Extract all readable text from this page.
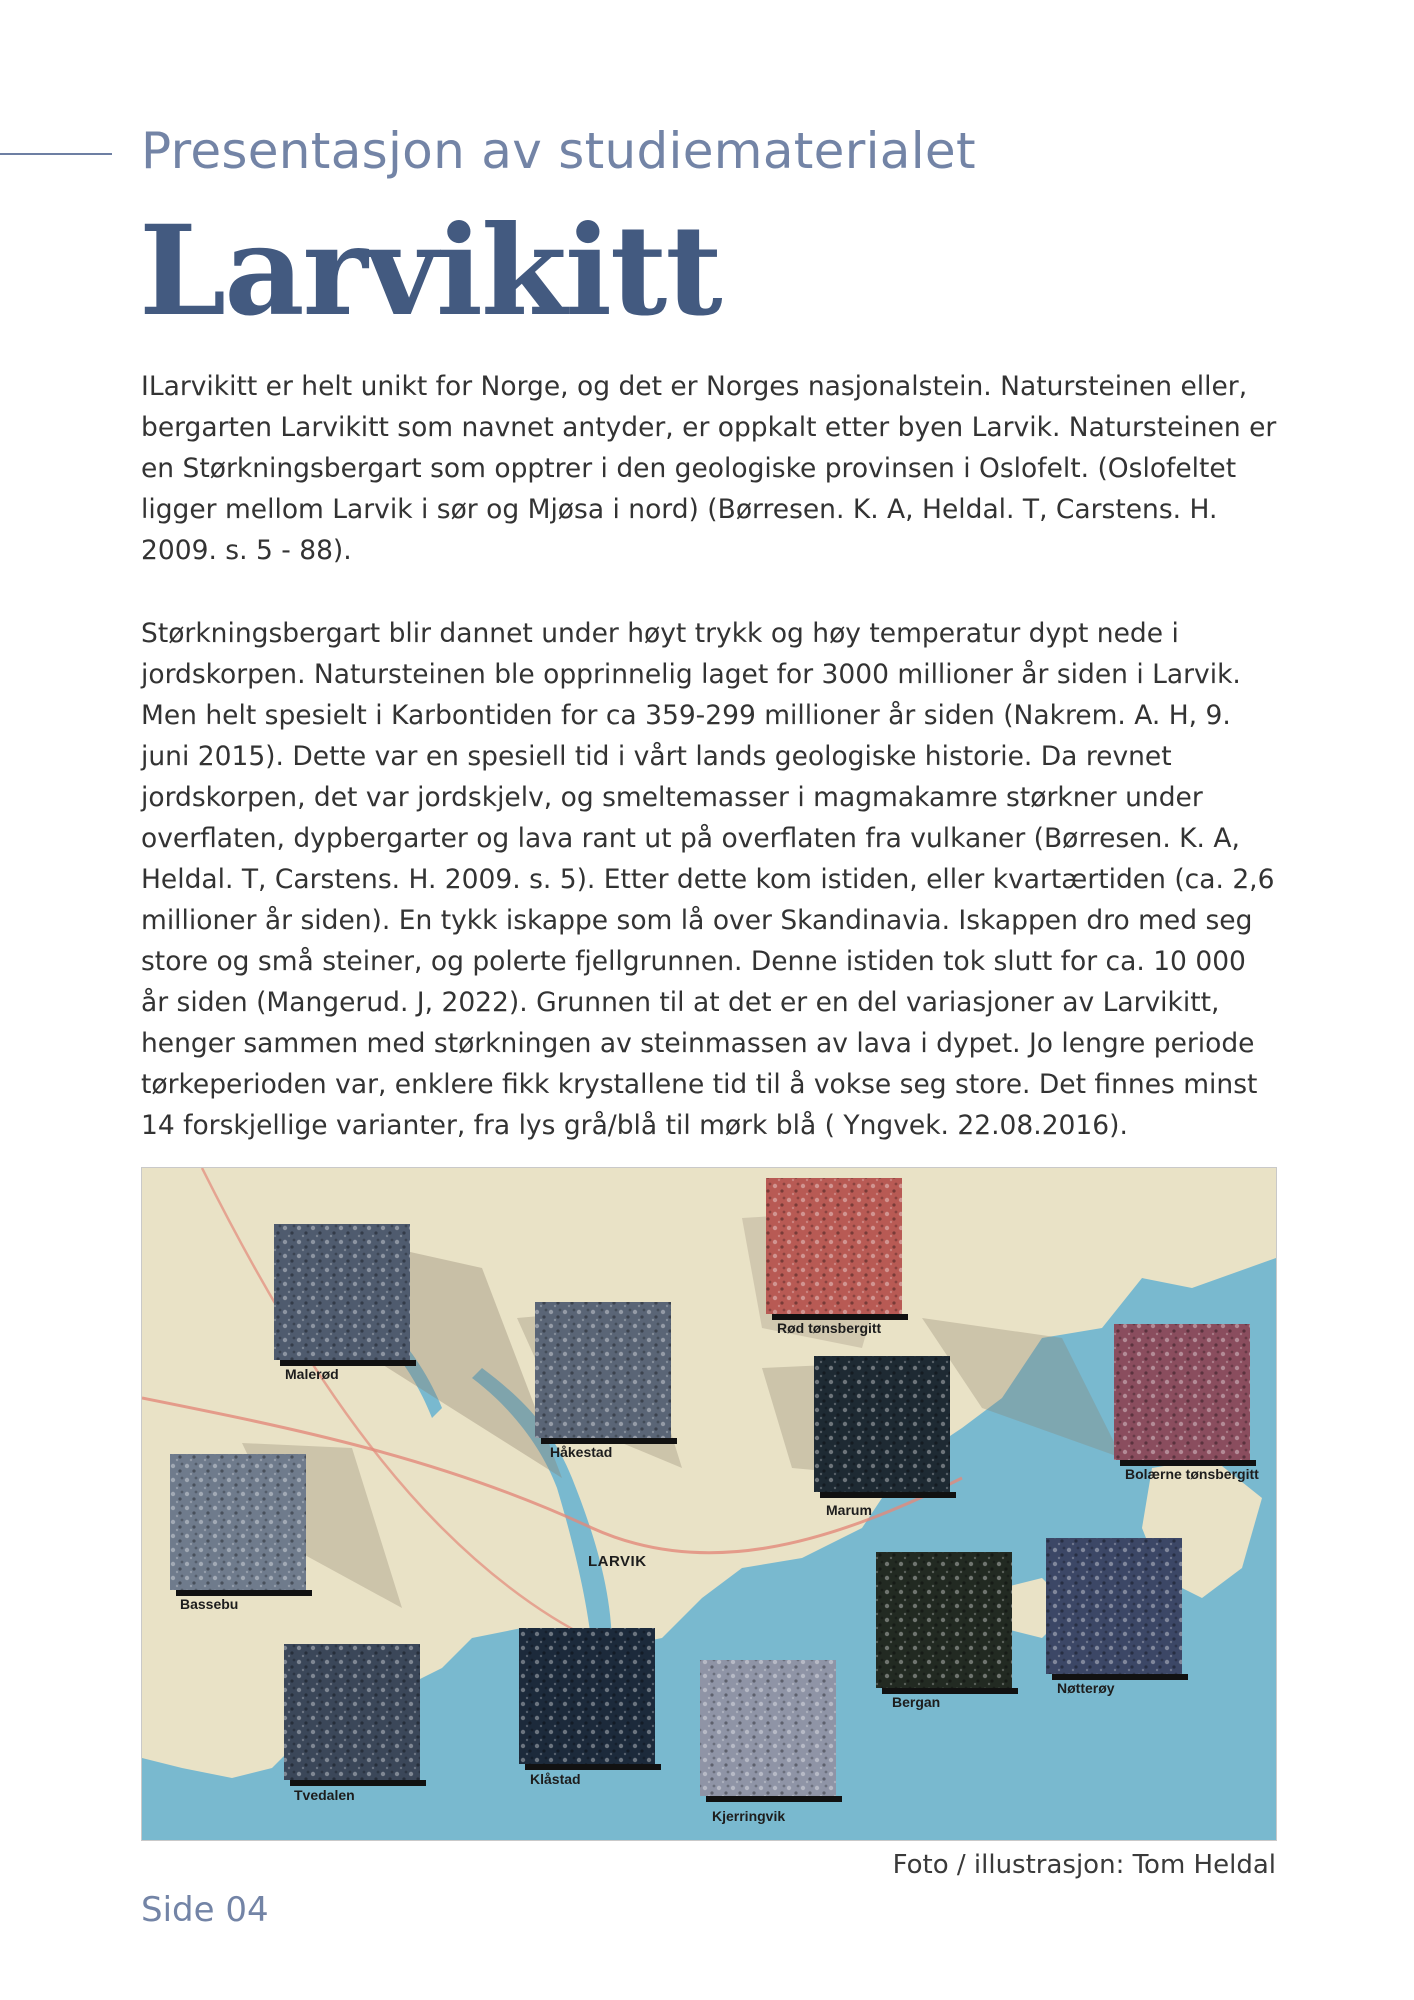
Presentasjon av studiematerialet
Larvikitt

ILarvikitt er helt unikt for Norge, og det er Norges nasjonalstein. Natursteinen eller, bergarten Larvikitt som navnet antyder, er oppkalt etter byen Larvik. Natursteinen er en Størkningsbergart som opptrer i den geologiske provinsen i Oslofelt. (Oslofeltet ligger mellom Larvik i sør og Mjøsa i nord) (Børresen. K. A, Heldal. T, Carstens. H. 2009. s. 5 - 88).

Størkningsbergart blir dannet under høyt trykk og høy temperatur dypt nede i jordskorpen. Natursteinen ble opprinnelig laget for 3000 millioner år siden i Larvik. Men helt spesielt i Karbontiden for ca 359-299 millioner år siden (Nakrem. A. H, 9. juni 2015). Dette var en spesiell tid i vårt lands geologiske historie. Da revnet jordskorpen, det var jordskjelv, og smeltemasser i magmakamre størkner under overflaten, dypbergarter og lava rant ut på overflaten fra vulkaner (Børresen. K. A, Heldal. T, Carstens. H. 2009. s. 5). Etter dette kom istiden, eller kvartærtiden (ca. 2,6 millioner år siden). En tykk iskappe som lå over Skandinavia. Iskappen dro med seg store og små steiner, og polerte fjellgrunnen. Denne istiden tok slutt for ca. 10 000 år siden (Mangerud. J, 2022). Grunnen til at det er en del variasjoner av Larvikitt, henger sammen med størkningen av steinmassen av lava i dypet. Jo lengre periode tørkeperioden var, enklere fikk krystallene tid til å vokse seg store. Det finnes minst 14 forskjellige varianter, fra lys grå/blå til mørk blå ( Yngvek. 22.08.2016).

LARVIK
Malerød
Håkestad
Rød tønsbergitt
Marum
Bolærne tønsbergitt
Bassebu
Bergan
Nøtterøy
Tvedalen
Klåstad
Kjerringvik

Foto / illustrasjon: Tom Heldal

Side 04
